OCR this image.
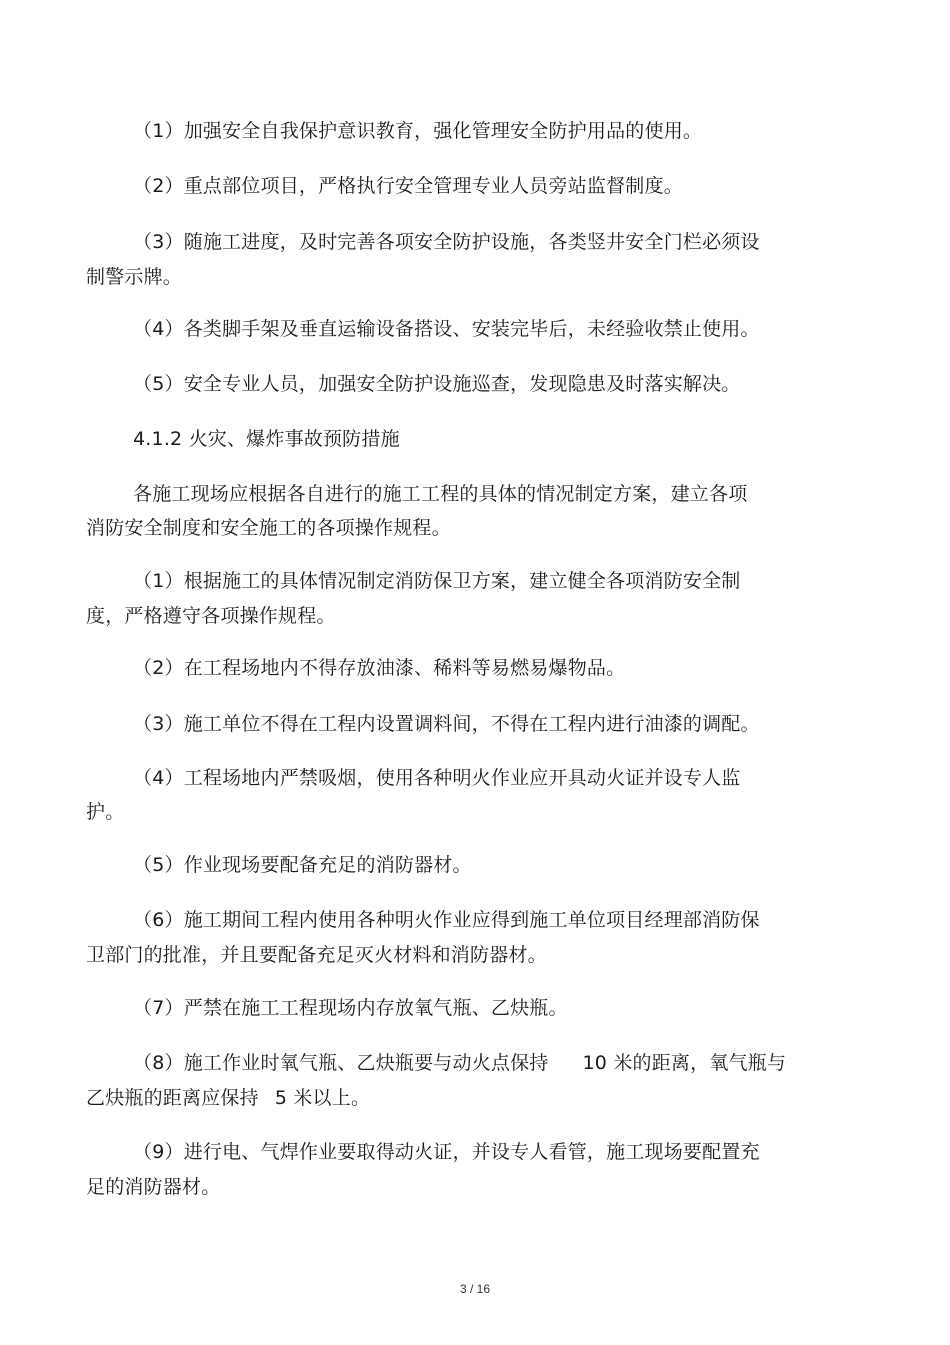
（1）加强安全自我保护意识教育，强化管理安全防护用品的使用。
（2）重点部位项目，严格执行安全管理专业人员旁站监督制度。
（3）随施工进度，及时完善各项安全防护设施，各类竖井安全门栏必须设
制警示牌。
（4）各类脚手架及垂直运输设备搭设、安装完毕后，未经验收禁止使用。
（5）安全专业人员，加强安全防护设施巡查，发现隐患及时落实解决。
4.1.2 火灾、爆炸事故预防措施
各施工现场应根据各自进行的施工工程的具体的情况制定方案，建立各项
消防安全制度和安全施工的各项操作规程。
（1）根据施工的具体情况制定消防保卫方案，建立健全各项消防安全制
度，严格遵守各项操作规程。
（2）在工程场地内不得存放油漆、稀料等易燃易爆物品。
（3）施工单位不得在工程内设置调料间，不得在工程内进行油漆的调配。
（4）工程场地内严禁吸烟，使用各种明火作业应开具动火证并设专人监
护。
（5）作业现场要配备充足的消防器材。
（6）施工期间工程内使用各种明火作业应得到施工单位项目经理部消防保
卫部门的批准，并且要配备充足灭火材料和消防器材。
（7）严禁在施工工程现场内存放氧气瓶、乙炔瓶。
（8）施工作业时氧气瓶、乙炔瓶要与动火点保持 10 米的距离，氧气瓶与
乙炔瓶的距离应保持 5 米以上。
（9）进行电、气焊作业要取得动火证，并设专人看管，施工现场要配置充
足的消防器材。
3 / 16
